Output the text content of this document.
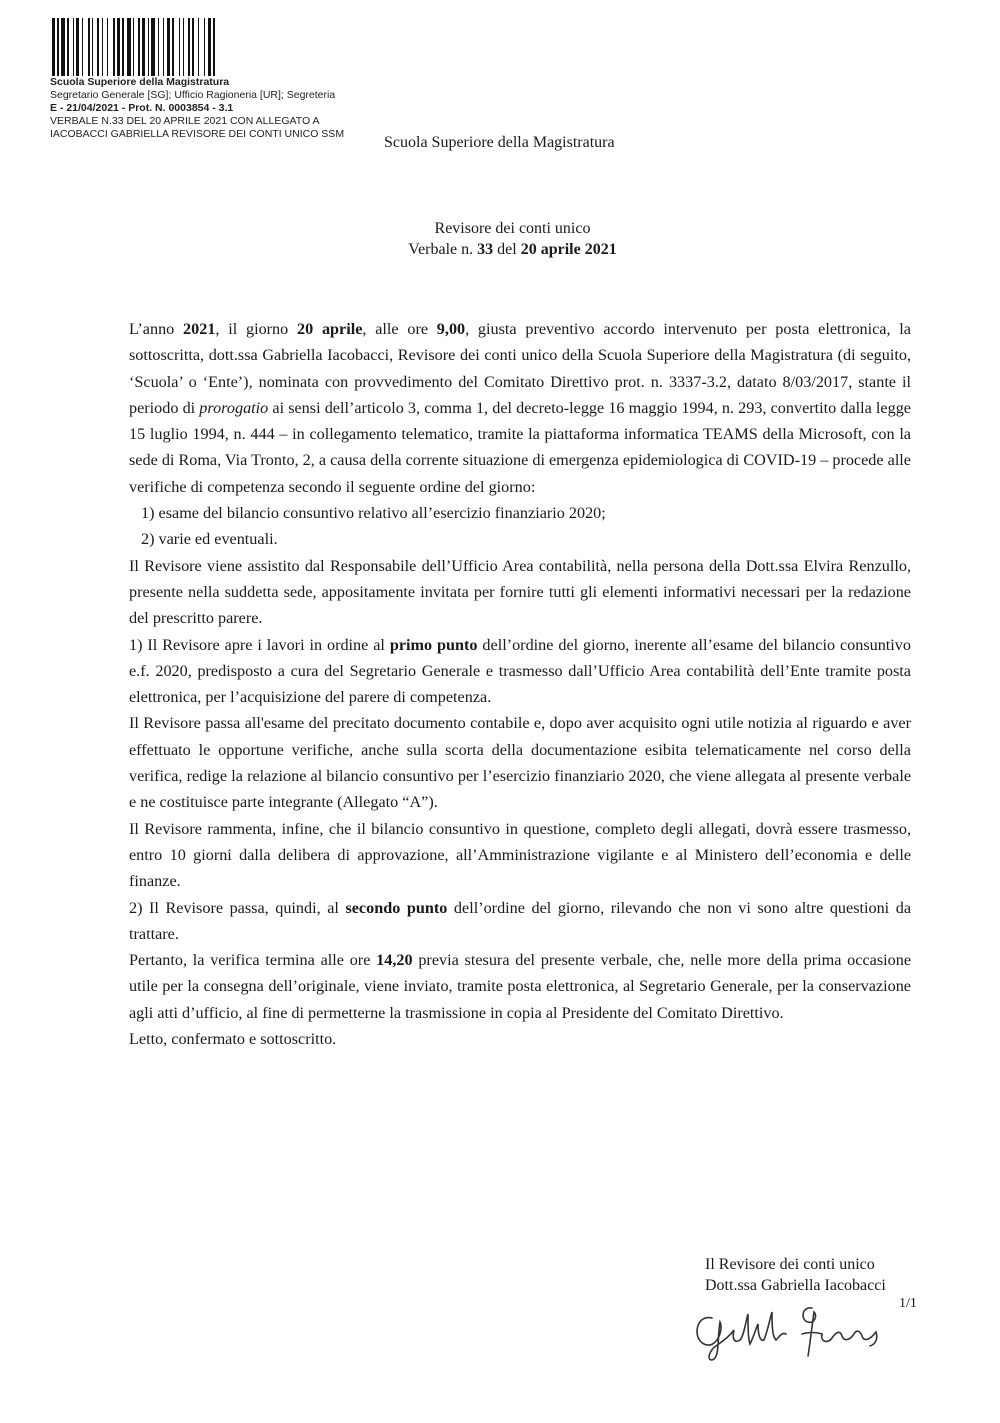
Scuola Superiore della Magistratura
Segretario Generale [SG]; Ufficio Ragioneria [UR]; Segreteria
E - 21/04/2021 - Prot. N. 0003854 - 3.1
VERBALE N.33 DEL 20 APRILE 2021 CON ALLEGATO A
IACOBACCI GABRIELLA REVISORE DEI CONTI UNICO SSM	Scuola Superiore della Magistratura
Revisore dei conti unico
Verbale n. 33 del 20 aprile 2021

L’anno 2021, il giorno 20 aprile, alle ore 9,00, giusta preventivo accordo intervenuto per posta elettronica, la sottoscritta, dott.ssa Gabriella Iacobacci, Revisore dei conti unico della Scuola Superiore della Magistratura (di seguito, ‘Scuola’ o ‘Ente’), nominata con provvedimento del Comitato Direttivo prot. n. 3337-3.2, datato 8/03/2017, stante il periodo di prorogatio ai sensi dell’articolo 3, comma 1, del decreto-legge 16 maggio 1994, n. 293, convertito dalla legge 15 luglio 1994, n. 444 – in collegamento telematico, tramite la piattaforma informatica TEAMS della Microsoft, con la sede di Roma, Via Tronto, 2, a causa della corrente situazione di emergenza epidemiologica di COVID-19 – procede alle verifiche di competenza secondo il seguente ordine del giorno:

1) esame del bilancio consuntivo relativo all’esercizio finanziario 2020;

2) varie ed eventuali.

Il Revisore viene assistito dal Responsabile dell’Ufficio Area contabilità, nella persona della Dott.ssa Elvira Renzullo, presente nella suddetta sede, appositamente invitata per fornire tutti gli elementi informativi necessari per la redazione del prescritto parere.

1) Il Revisore apre i lavori in ordine al primo punto dell’ordine del giorno, inerente all’esame del bilancio consuntivo e.f. 2020, predisposto a cura del Segretario Generale e trasmesso dall’Ufficio Area contabilità dell’Ente tramite posta elettronica, per l’acquisizione del parere di competenza.

Il Revisore passa all'esame del precitato documento contabile e, dopo aver acquisito ogni utile notizia al riguardo e aver effettuato le opportune verifiche, anche sulla scorta della documentazione esibita telematicamente nel corso della verifica, redige la relazione al bilancio consuntivo per l’esercizio finanziario 2020, che viene allegata al presente verbale e ne costituisce parte integrante (Allegato “A”).

Il Revisore rammenta, infine, che il bilancio consuntivo in questione, completo degli allegati, dovrà essere trasmesso, entro 10 giorni dalla delibera di approvazione, all’Amministrazione vigilante e al Ministero dell’economia e delle finanze.

2) Il Revisore passa, quindi, al secondo punto dell’ordine del giorno, rilevando che non vi sono altre questioni da trattare.

Pertanto, la verifica termina alle ore 14,20 previa stesura del presente verbale, che, nelle more della prima occasione utile per la consegna dell’originale, viene inviato, tramite posta elettronica, al Segretario Generale, per la conservazione agli atti d’ufficio, al fine di permetterne la trasmissione in copia al Presidente del Comitato Direttivo.

Letto, confermato e sottoscritto.

Il Revisore dei conti unico
Dott.ssa Gabriella Iacobacci
1/1
